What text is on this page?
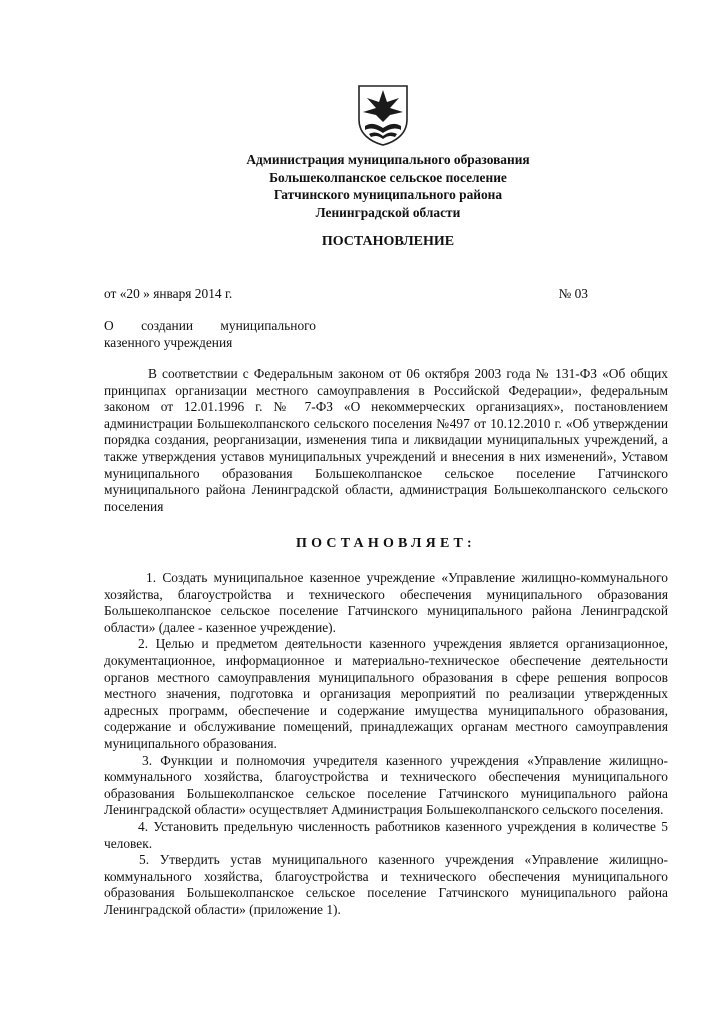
Администрация муниципального образования
Большеколпанское сельское поселение
Гатчинского муниципального района
Ленинградской области
ПОСТАНОВЛЕНИЕ
от «20 » января 2014 г.	№ 03
О создании муниципального
казенного учреждения
В соответствии с Федеральным законом от 06 октября 2003 года № 131-ФЗ «Об общих принципах организации местного самоуправления в Российской Федерации», федеральным законом от 12.01.1996 г. № 7-ФЗ «О некоммерческих организациях», постановлением администрации Большеколпанского сельского поселения №497 от 10.12.2010 г. «Об утверждении порядка создания, реорганизации, изменения типа и ликвидации муниципальных учреждений, а также утверждения уставов муниципальных учреждений и внесения в них изменений», Уставом муниципального образования Большеколпанское сельское поселение Гатчинского муниципального района Ленинградской области, администрация Большеколпанского сельского поселения
ПОСТАНОВЛЯЕТ:

1. Создать муниципальное казенное учреждение «Управление жилищно-коммунального хозяйства, благоустройства и технического обеспечения муниципального образования Большеколпанское сельское поселение Гатчинского муниципального района Ленинградской области» (далее - казенное учреждение).

2. Целью и предметом деятельности казенного учреждения является организационное, документационное, информационное и материально-техническое обеспечение деятельности органов местного самоуправления муниципального образования в сфере решения вопросов местного значения, подготовка и организация мероприятий по реализации утвержденных адресных программ, обеспечение и содержание имущества муниципального образования, содержание и обслуживание помещений, принадлежащих органам местного самоуправления муниципального образования.

3. Функции и полномочия учредителя казенного учреждения «Управление жилищно-коммунального хозяйства, благоустройства и технического обеспечения муниципального образования Большеколпанское сельское поселение Гатчинского муниципального района Ленинградской области» осуществляет Администрация Большеколпанского сельского поселения.

4. Установить предельную численность работников казенного учреждения в количестве 5 человек.

5. Утвердить устав муниципального казенного учреждения «Управление жилищно-коммунального хозяйства, благоустройства и технического обеспечения муниципального образования Большеколпанское сельское поселение Гатчинского муниципального района Ленинградской области» (приложение 1).
